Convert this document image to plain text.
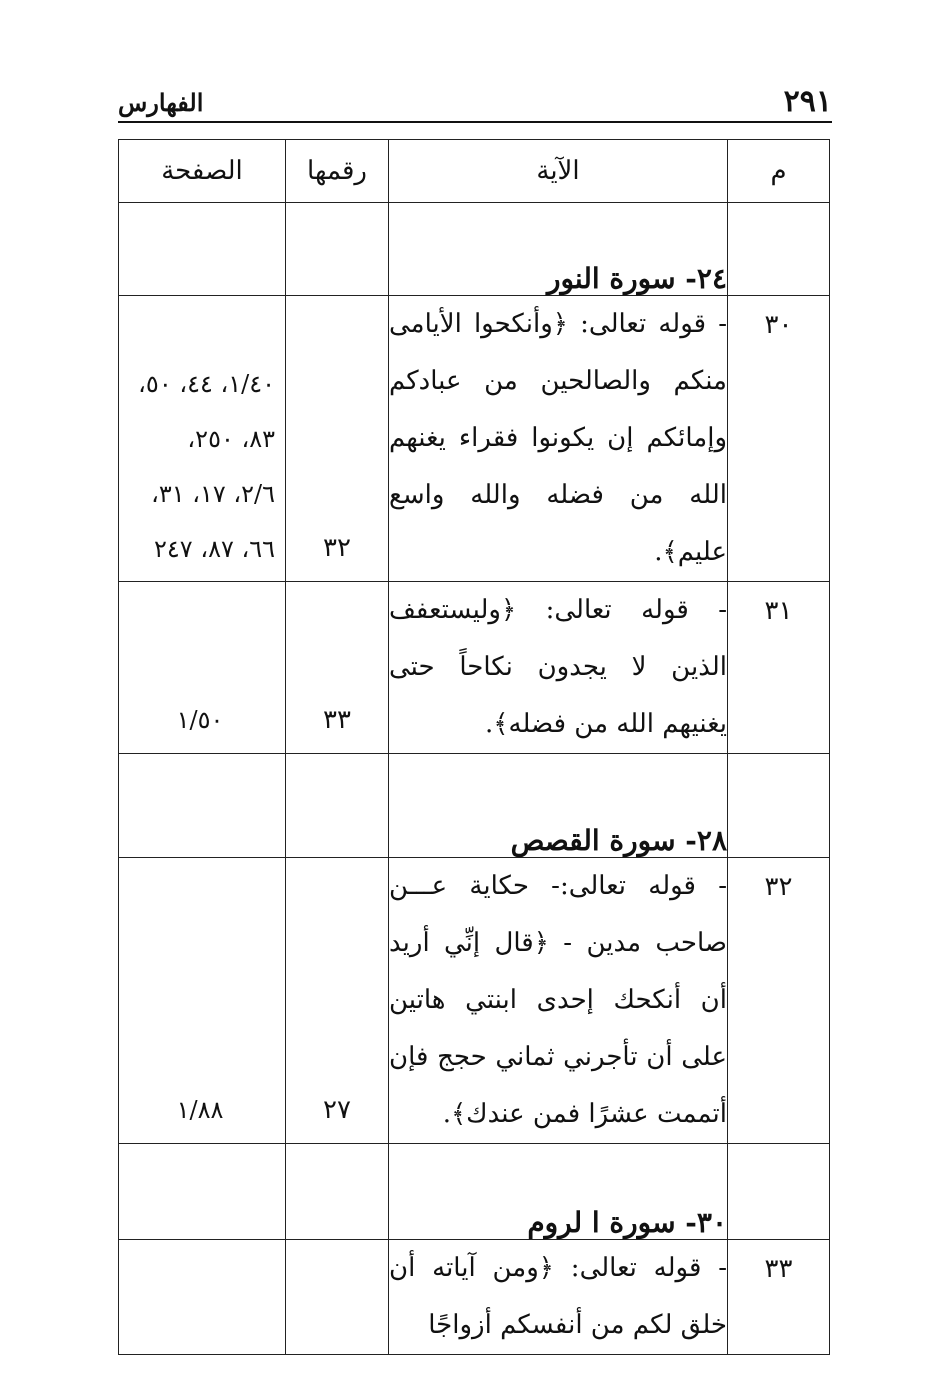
٢٩١
الفهارس
م	الآية	رقمها	الصفحة
	٢٤- سورة النور		
٣٠	- قوله تعالى: ﴿وأنكحوا الأيامى منكم والصالحين من عبادكم وإمائكم إن يكونوا فقراء يغنهم الله من فضله والله واسع عليم﴾.	٣٢	١/٤٠، ٤٤، ٥٠،
٨٣، ٢٥٠،
٢/٦، ١٧، ٣١،
٦٦، ٨٧، ٢٤٧

٣١	- قوله تعالى: ﴿وليستعفف الذين لا يجدون نكاحاً حتى يغنيهم الله من فضله﴾.	٣٣	١/٥٠
	٢٨- سورة القصص		
٣٢	- قوله تعالى:- حكاية عـــن صاحب مدين - ﴿قال إنِّي أريد أن أنكحك إحدى ابنتي هاتين على أن تأجرني ثماني حجج فإن أتممت عشرًا فمن عندك﴾.	٢٧	١/٨٨
	٣٠- سورة ا لروم		
٣٣	- قوله تعالى: ﴿ومن آياته أن خلق لكم من أنفسكم أزواجًا		
